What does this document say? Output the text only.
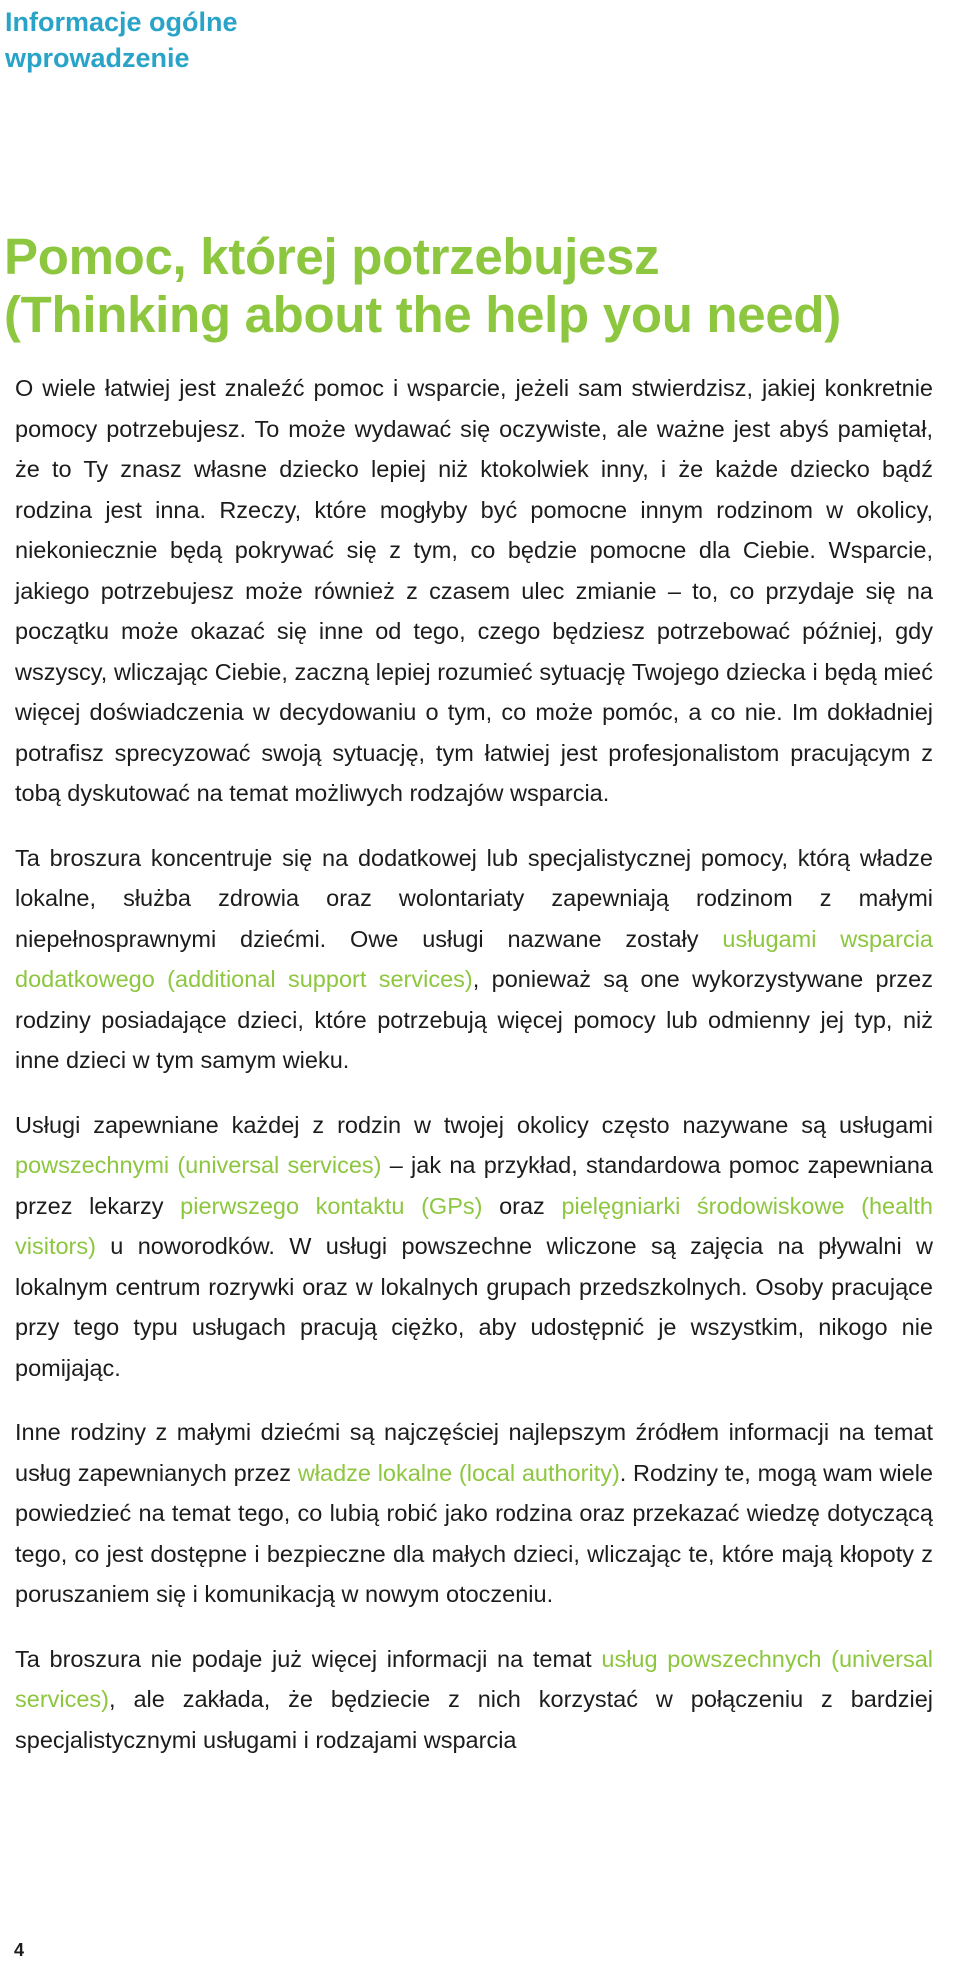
Informacje ogólne
wprowadzenie
Pomoc, której potrzebujesz
(Thinking about the help you need)

O wiele łatwiej jest znaleźć pomoc i wsparcie, jeżeli sam stwierdzisz, jakiej konkretnie pomocy potrzebujesz. To może wydawać się oczywiste, ale ważne jest abyś pamiętał, że to Ty znasz własne dziecko lepiej niż ktokolwiek inny, i że każde dziecko bądź rodzina jest inna. Rzeczy, które mogłyby być pomocne innym rodzinom w okolicy, niekoniecznie będą pokrywać się z tym, co będzie pomocne dla Ciebie. Wsparcie, jakiego potrzebujesz może również z czasem ulec zmianie – to, co przydaje się na początku może okazać się inne od tego, czego będziesz potrzebować później, gdy wszyscy, wliczając Ciebie, zaczną lepiej rozumieć sytuację Twojego dziecka i będą mieć więcej doświadczenia w decydowaniu o tym, co może pomóc, a co nie. Im dokładniej potrafisz sprecyzować swoją sytuację, tym łatwiej jest profesjonalistom pracującym z tobą dyskutować na temat możliwych rodzajów wsparcia.

Ta broszura koncentruje się na dodatkowej lub specjalistycznej pomocy, którą władze lokalne, służba zdrowia oraz wolontariaty zapewniają rodzinom z małymi niepełnosprawnymi dziećmi. Owe usługi nazwane zostały usługami wsparcia dodatkowego (additional support services), ponieważ są one wykorzystywane przez rodziny posiadające dzieci, które potrzebują więcej pomocy lub odmienny jej typ, niż inne dzieci w tym samym wieku.

Usługi zapewniane każdej z rodzin w twojej okolicy często nazywane są usługami powszechnymi (universal services) – jak na przykład, standardowa pomoc zapewniana przez lekarzy pierwszego kontaktu (GPs) oraz pielęgniarki środowiskowe (health visitors) u noworodków. W usługi powszechne wliczone są zajęcia na pływalni w lokalnym centrum rozrywki oraz w lokalnych grupach przedszkolnych. Osoby pracujące przy tego typu usługach pracują ciężko, aby udostępnić je wszystkim, nikogo nie pomijając.

Inne rodziny z małymi dziećmi są najczęściej najlepszym źródłem informacji na temat usług zapewnianych przez władze lokalne (local authority). Rodziny te, mogą wam wiele powiedzieć na temat tego, co lubią robić jako rodzina oraz przekazać wiedzę dotyczącą tego, co jest dostępne i bezpieczne dla małych dzieci, wliczając te, które mają kłopoty z poruszaniem się i komunikacją w nowym otoczeniu.

Ta broszura nie podaje już więcej informacji na temat usług powszechnych (universal services), ale zakłada, że będziecie z nich korzystać w połączeniu z bardziej specjalistycznymi usługami i rodzajami wsparcia

4
